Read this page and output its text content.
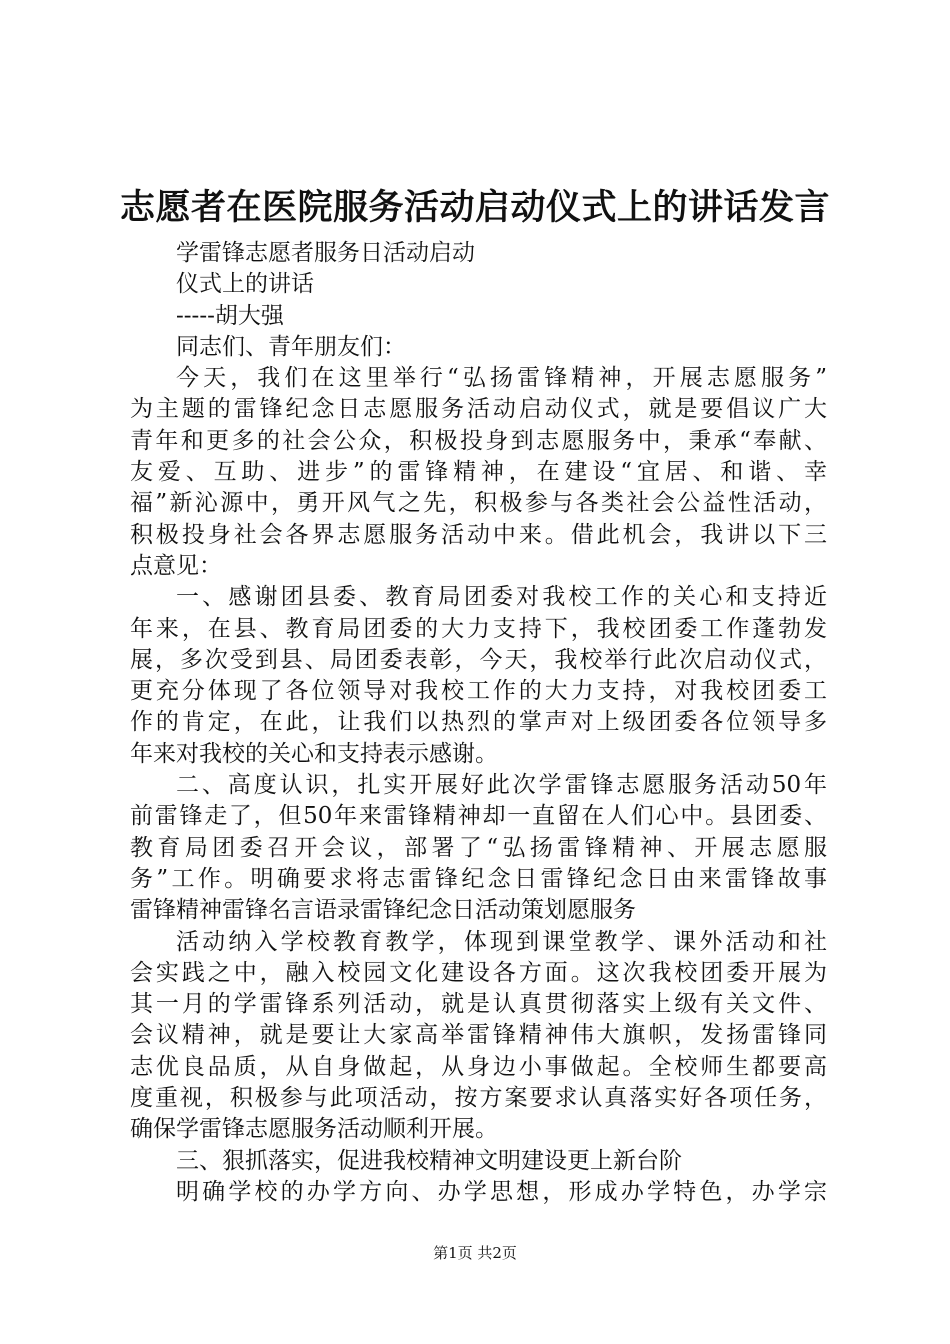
志愿者在医院服务活动启动仪式上的讲话发言
学雷锋志愿者服务日活动启动
仪式上的讲话
-----胡大强
同志们、青年朋友们：
今天，我们在这里举行“弘扬雷锋精神，开展志愿服务”
为主题的雷锋纪念日志愿服务活动启动仪式，就是要倡议广大
青年和更多的社会公众，积极投身到志愿服务中，秉承“奉献、
友爱、互助、进步”的雷锋精神，在建设“宜居、和谐、幸
福”新沁源中，勇开风气之先，积极参与各类社会公益性活动，
积极投身社会各界志愿服务活动中来。借此机会，我讲以下三
点意见：
一、感谢团县委、教育局团委对我校工作的关心和支持近
年来，在县、教育局团委的大力支持下，我校团委工作蓬勃发
展，多次受到县、局团委表彰，今天，我校举行此次启动仪式，
更充分体现了各位领导对我校工作的大力支持，对我校团委工
作的肯定，在此，让我们以热烈的掌声对上级团委各位领导多
年来对我校的关心和支持表示感谢。
二、高度认识，扎实开展好此次学雷锋志愿服务活动50年
前雷锋走了，但50年来雷锋精神却一直留在人们心中。县团委、
教育局团委召开会议，部署了“弘扬雷锋精神、开展志愿服
务”工作。明确要求将志雷锋纪念日雷锋纪念日由来雷锋故事
雷锋精神雷锋名言语录雷锋纪念日活动策划愿服务
活动纳入学校教育教学，体现到课堂教学、课外活动和社
会实践之中，融入校园文化建设各方面。这次我校团委开展为
其一月的学雷锋系列活动，就是认真贯彻落实上级有关文件、
会议精神，就是要让大家高举雷锋精神伟大旗帜，发扬雷锋同
志优良品质，从自身做起，从身边小事做起。全校师生都要高
度重视，积极参与此项活动，按方案要求认真落实好各项任务，
确保学雷锋志愿服务活动顺利开展。
三、狠抓落实，促进我校精神文明建设更上新台阶
明确学校的办学方向、办学思想，形成办学特色，办学宗
第1页 共2页
